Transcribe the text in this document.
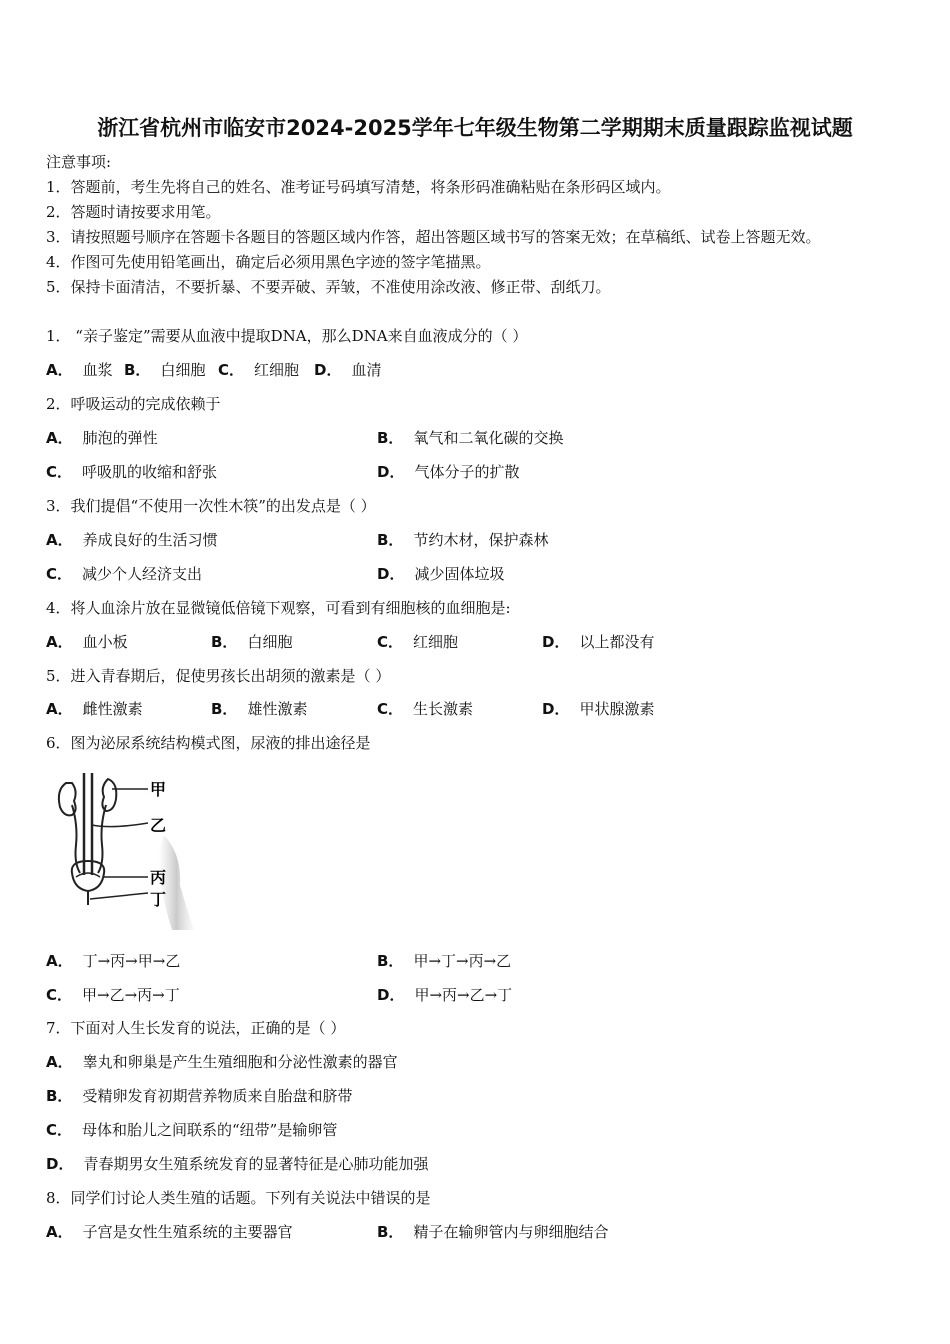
浙江省杭州市临安市2024-2025学年七年级生物第二学期期末质量跟踪监视试题
注意事项:
1．答题前，考生先将自己的姓名、准考证号码填写清楚，将条形码准确粘贴在条形码区域内。
2．答题时请按要求用笔。
3．请按照题号顺序在答题卡各题目的答题区域内作答，超出答题区域书写的答案无效；在草稿纸、试卷上答题无效。
4．作图可先使用铅笔画出，确定后必须用黑色字迹的签字笔描黑。
5．保持卡面清洁，不要折暴、不要弄破、弄皱，不准使用涂改液、修正带、刮纸刀。
1． “亲子鉴定”需要从血液中提取DNA，那么DNA来自血液成分的（ ）
A． 血浆 B． 白细胞 C． 红细胞 D． 血清
2．呼吸运动的完成依赖于
A． 肺泡的弹性	B． 氧气和二氧化碳的交换
C． 呼吸肌的收缩和舒张	D． 气体分子的扩散
3．我们提倡“不使用一次性木筷”的出发点是（ ）
A． 养成良好的生活习惯	B． 节约木材，保护森林
C． 减少个人经济支出	D． 减少固体垃圾
4．将人血涂片放在显微镜低倍镜下观察，可看到有细胞核的血细胞是:
A． 血小板	B． 白细胞	C． 红细胞	D． 以上都没有
5．进入青春期后，促使男孩长出胡须的激素是（ ）
A． 雌性激素	B． 雄性激素	C． 生长激素	D． 甲状腺激素
6．图为泌尿系统结构模式图，尿液的排出途径是
甲
乙
丙
丁
A． 丁→丙→甲→乙	B． 甲→丁→丙→乙
C． 甲→乙→丙→丁	D． 甲→丙→乙→丁
7．下面对人生长发育的说法，正确的是（ ）
A． 睾丸和卵巢是产生生殖细胞和分泌性激素的器官
B． 受精卵发育初期营养物质来自胎盘和脐带
C． 母体和胎儿之间联系的“纽带”是输卵管
D． 青春期男女生殖系统发育的显著特征是心肺功能加强
8．同学们讨论人类生殖的话题。下列有关说法中错误的是
A． 子宫是女性生殖系统的主要器官	B． 精子在输卵管内与卵细胞结合
